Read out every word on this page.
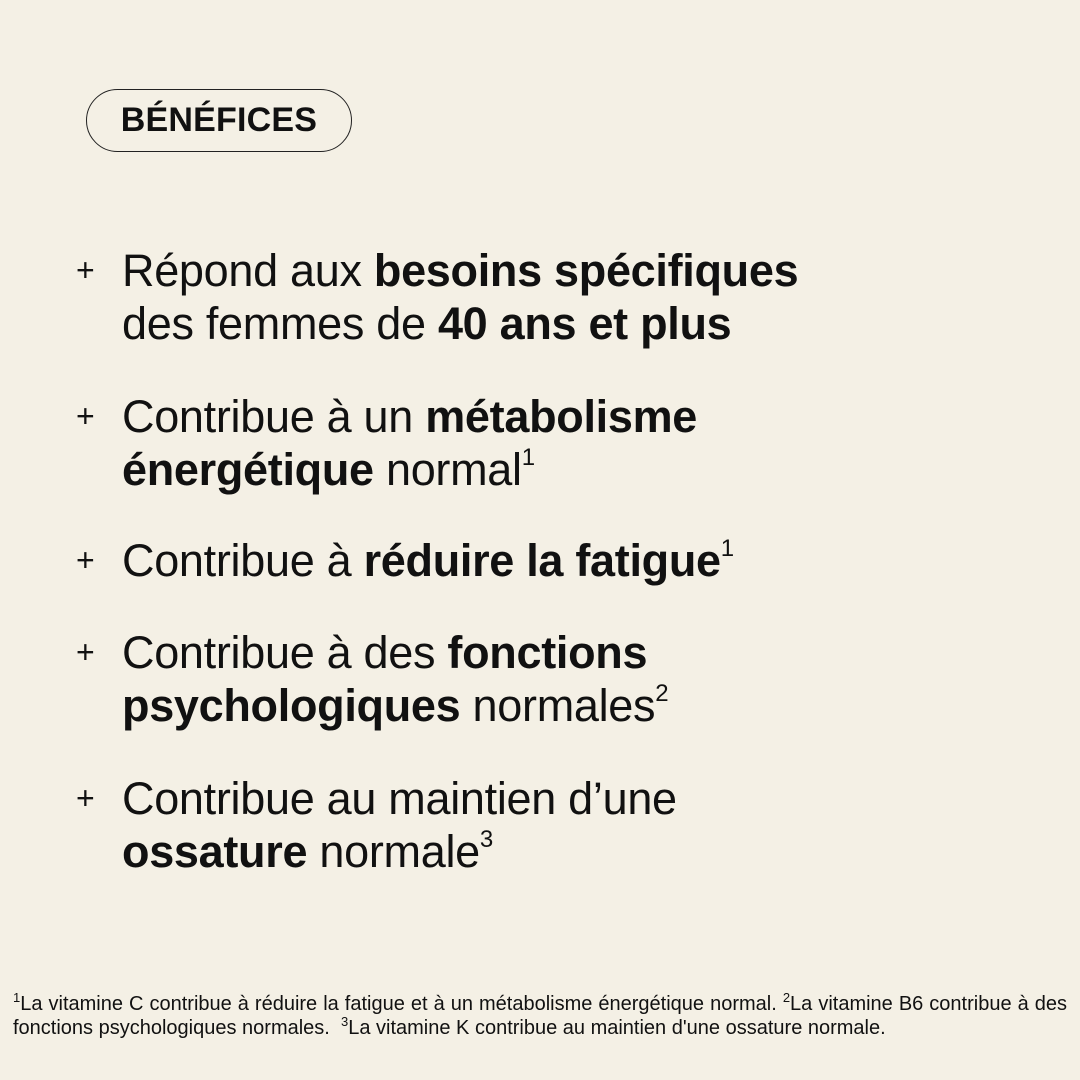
BÉNÉFICES
+ Répond aux besoins spécifiques
des femmes de 40 ans et plus
+ Contribue à un métabolisme
énergétique normal$^1$
+ Contribue à réduire la fatigue$^1$
+ Contribue à des fonctions
psychologiques normales$^2$
+ Contribue au maintien d’une
ossature normale$^3$
$^1$La vitamine C contribue à réduire la fatigue et à un métabolisme énergétique normal. $^2$La vitamine B6 contribue à des fonctions psychologiques normales. $^3$La vitamine K contribue au maintien d'une ossature normale.
